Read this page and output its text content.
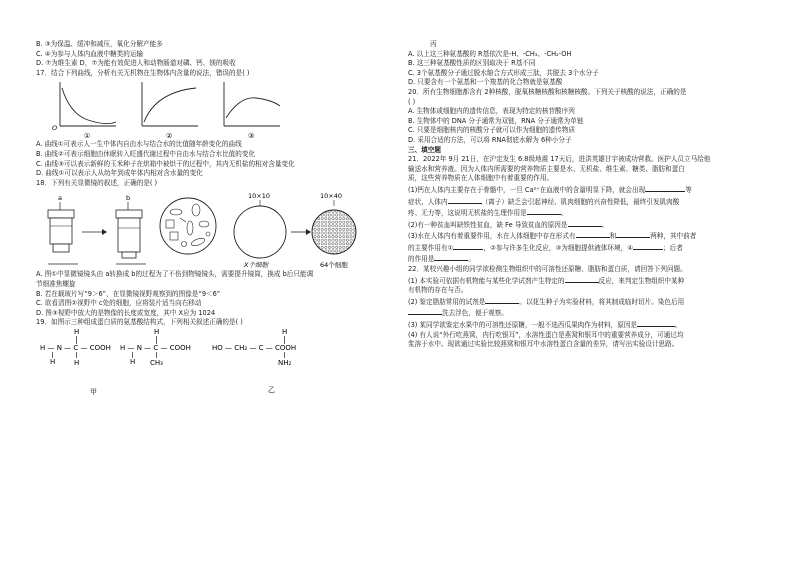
B. ③为保温、缓冲和减压，氧化分解产能多
C. ④为参与人体内血液中糖类的运输
D. ⑦为维生素 D，⑦为能有效促进人和动物肠道对磷、钙、镁的吸收
17．结合下列曲线，分析有关无机物在生物体内含量的说法，错误的是( )
O
①	②	③
A. 曲线①可表示人一生中体内自由水与结合水的比值随年龄变化的曲线
B. 曲线②可表示细胞由休眠转入旺盛代谢过程中自由水与结合水比值的变化
C. 曲线③可以表示新鲜的玉米种子在烘箱中被烘干的过程中，其内无机盐的相对含量变化
D. 曲线①可以表示人从幼年到成年体内相对含水量的变化
18．下列有关显微镜的叙述，正确的是( )
a	b	10×10
X个细胞
10×40
64个细胞
A. 图①中显微镜镜头由 a转换成 b的过程为了不伤到物镜镜头，需要提升镜筒，换成 b后只能调
节细准焦螺旋
B. 若在载玻片写“9＞6”，在显微镜视野观察到的图像是“9＜6”
C. 欲看清图②视野中 c处的细胞，应将装片适当向右移动
D. 图③视野中放大的是物像的长度或宽度，其中 X应为 1024
19．如图示三种组成蛋白质的氨基酸结构式，下列相关叙述正确的是( )
H
H — N — C — COOH
H	H
甲
H
H — N — C — COOH
H CH₃
H
HO — CH₂ — C — COOH
NH₂
乙
丙
A. 以上这三种氨基酸的 R基依次是-H、-CH₃、-CH₂-OH
B. 这三种氨基酸性质的区别取决于 R基不同
C. 3个氨基酸分子通过脱水缩合方式形成三肽，共脱去 3个水分子
D. 只要含有一个氨基和一个羧基的化合物就是氨基酸
20．所有生物细胞都含有 2种核酸，脱氧核糖核酸和核糖核酸。下列关于核酸的说法，正确的是
( )
A. 生物体或细胞内的遗传信息，表现为特定的核苷酸序列
B. 生物体中的 DNA 分子通常为双链，RNA 分子通常为单链
C. 只要是细胞核内的核酸分子就可以作为细胞的遗传物质
D. 采用合适的方法，可以将 RNA彻底水解为 6种小分子
三、填空题
21．2022年 9月 21日，在沪定发生 6.8级地震 17天后，进洪英雄甘宇被成功营救。医护人员立马给他
输送水和营养液。因为人体内所需要的营养物质主要是水、无机盐、维生素、糖类、脂肪和蛋白
质，这些营养物质在人体细胞中有着重要的作用。
(1)钙在人体内主要存在于骨骼中，一旦 Ca²⁺在血液中的含量明显下降，就会出现	等
症状，人体内	（离子）缺乏会引起神经、肌肉细胞的兴奋性降低，最终引发肌肉酸
疼、无力等，这说明无机盐的生理作用是	。
(2)有一种贫血叫缺铁性贫血，缺 Fe 导致贫血的原因是	。
(3)水在人体内有着重要作用，水在人体细胞中存在形式有	和	两种，其中前者
的主要作用有①	，②参与许多生化反应，③为细胞提供液体环境，④	；后者
的作用是	。
22．某校兴趣小组的同学欲检测生物组织中的可溶性还原糖、脂肪和蛋白质，请回答下列问题。
(1) 本实验可依据有机物能与某些化学试剂产生特定的	反应，来判定生物组织中某种
有机物的存在与否。
(2) 鉴定脂肪常用的试剂是	。以花生种子为实验材料，将其制成临时切片。染色后用
洗去浮色，便于观察。
(3) 某同学欲鉴定水果中的可溶性还原糖，一般不选西瓜果肉作为材料，原因是	。
(4) 有人说“外行吃燕窝，内行吃银耳”，水溶性蛋白是燕窝和银耳中的重要营养成分，可通过均
浆溶于水中。现欲通过实验比较燕窝和银耳中水溶性蛋白含量的差异，请写出实验设计思路。
